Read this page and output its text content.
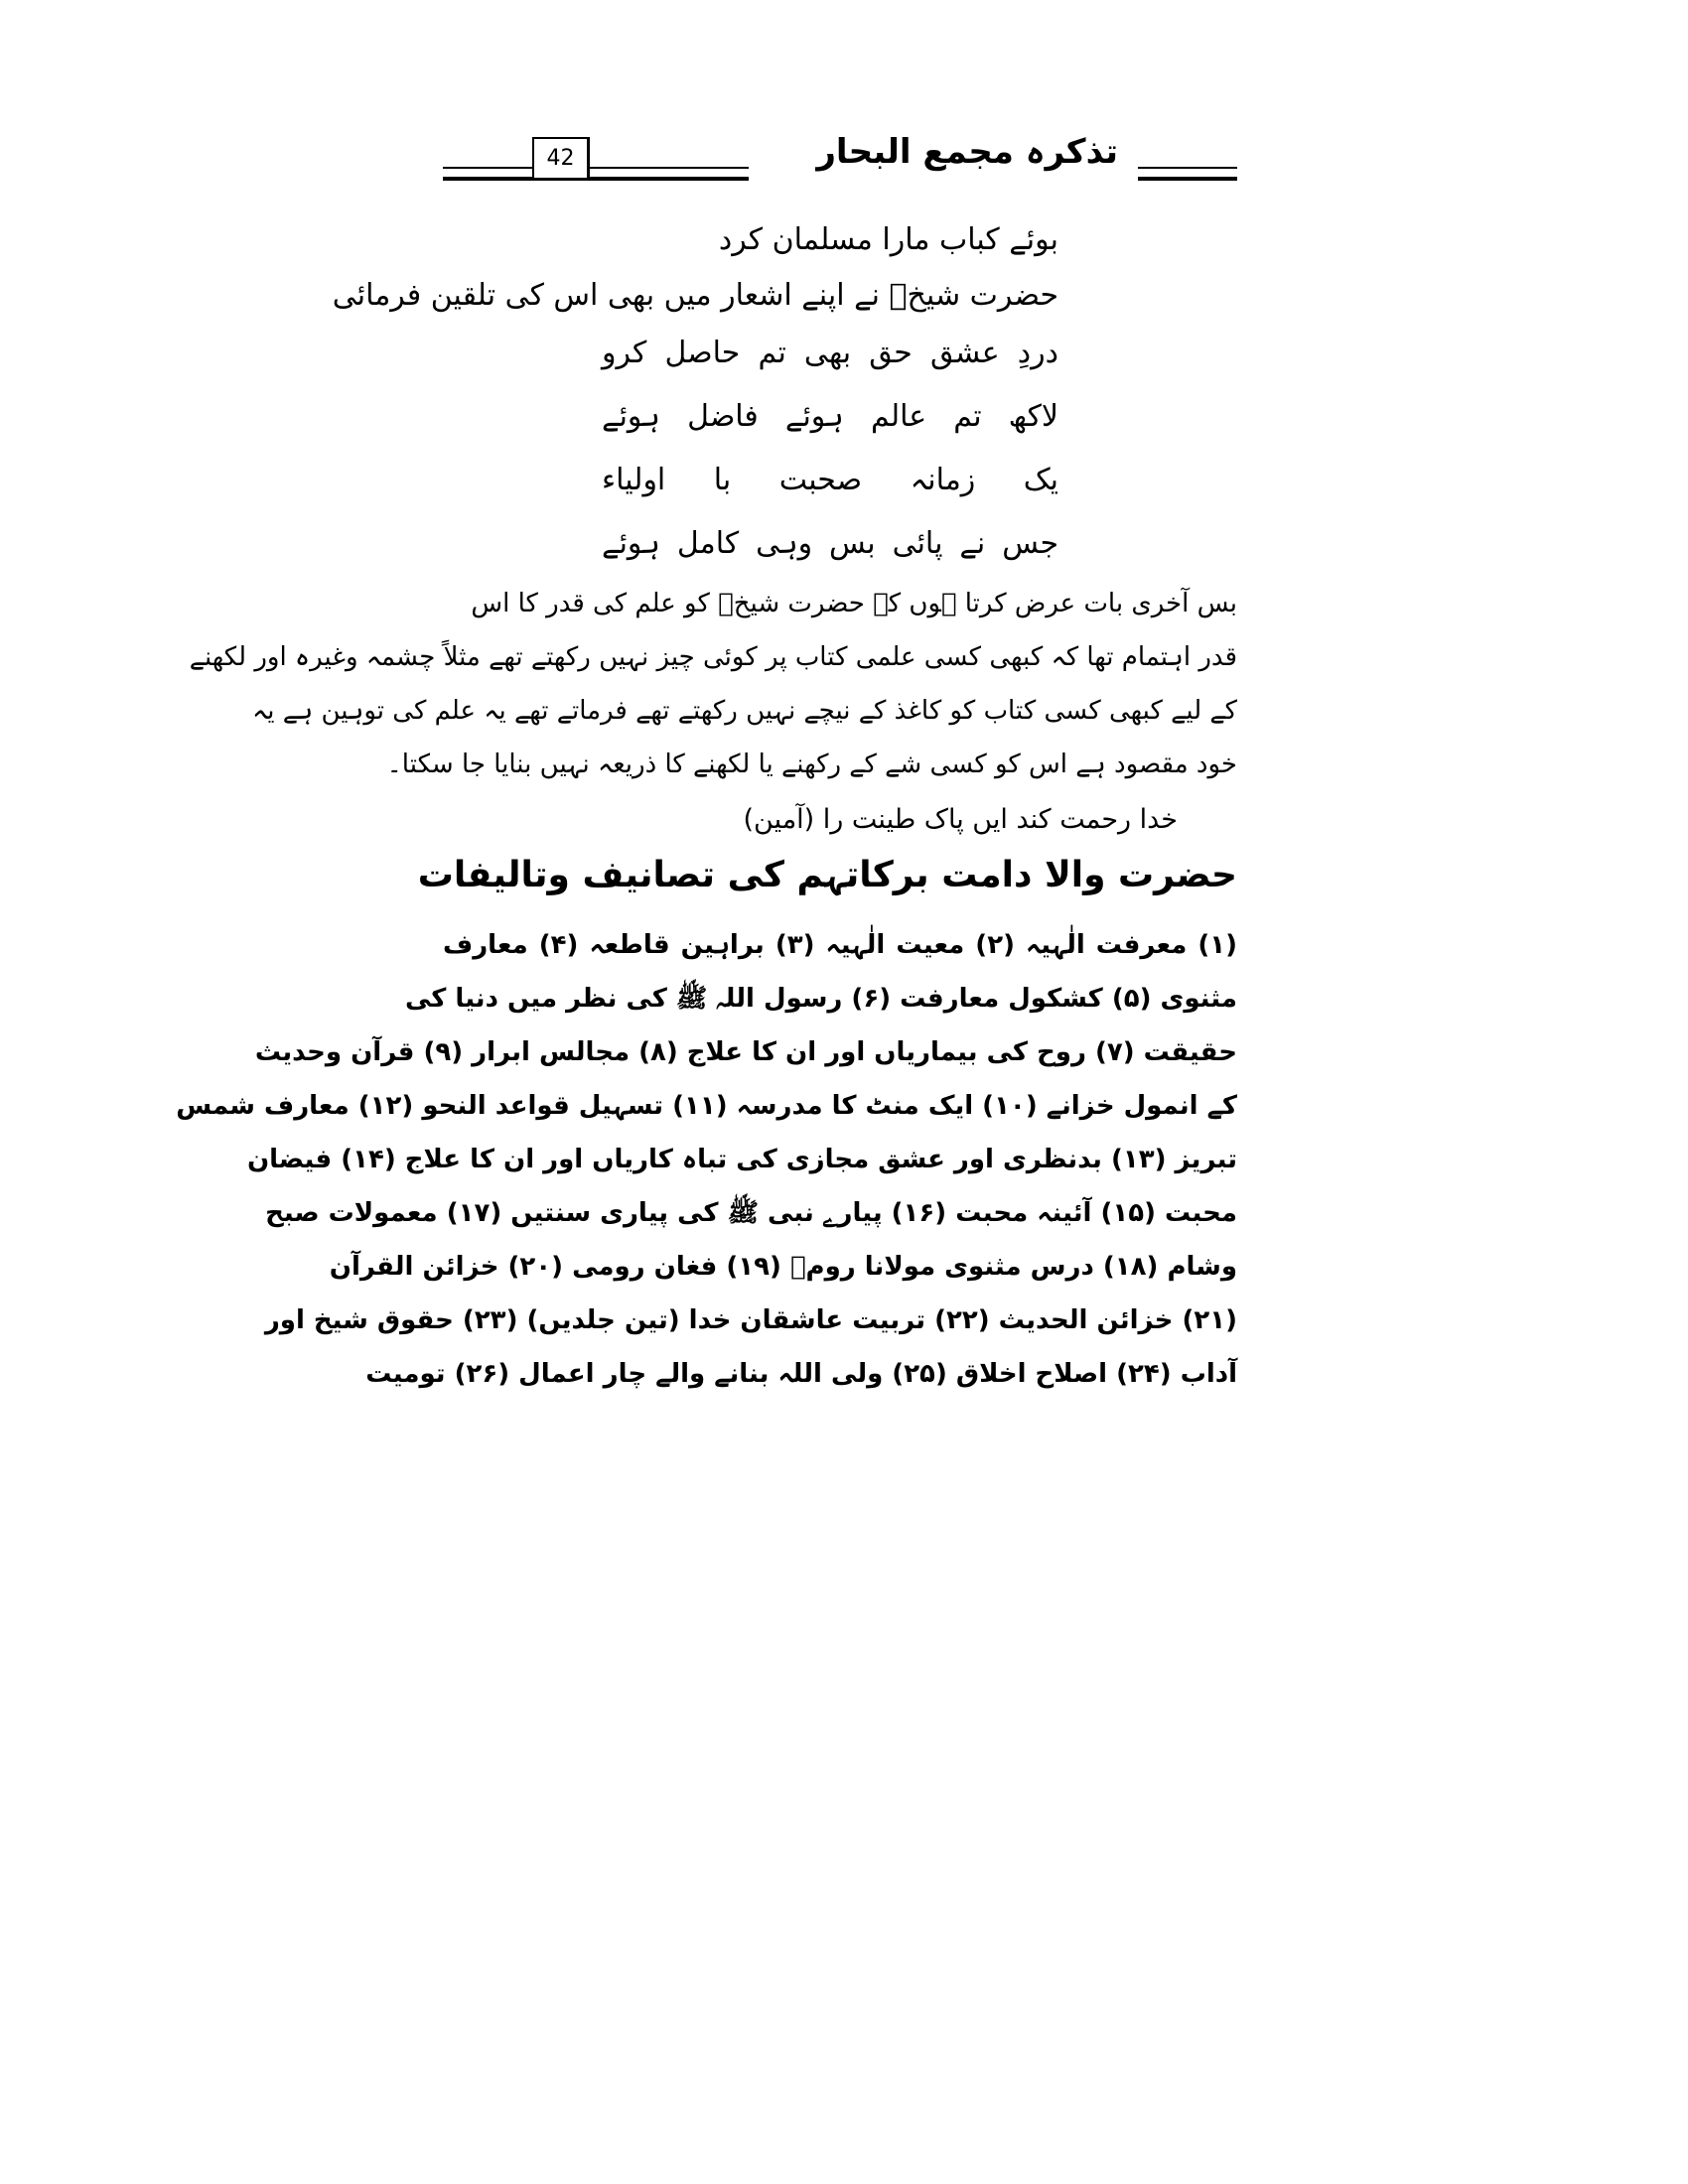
42	تذکرہ مجمع البحار
بوئے کباب مارا مسلمان کرد
حضرت شیخؒ نے اپنے اشعار میں بھی اس کی تلقین فرمائی
دردِ عشق حق بھی تم حاصل کرو
لاکھ تم عالم ہوئے فاضل ہوئے
یک زمانہ صحبت با اولیاء
جس نے پائی بس وہی کامل ہوئے
بس آخری بات عرض کرتا ہوں کہ حضرت شیخؒ کو علم کی قدر کا اس
قدر اہتمام تھا کہ کبھی کسی علمی کتاب پر کوئی چیز نہیں رکھتے تھے مثلاً چشمہ وغیرہ اور لکھنے
کے لیے کبھی کسی کتاب کو کاغذ کے نیچے نہیں رکھتے تھے فرماتے تھے یہ علم کی توہین ہے یہ
خود مقصود ہے اس کو کسی شے کے رکھنے یا لکھنے کا ذریعہ نہیں بنایا جا سکتا۔
خدا رحمت کند ایں پاک طینت را (آمین)
حضرت والا دامت برکاتہم کی تصانیف وتالیفات
(۱) معرفت الٰہیہ (۲) معیت الٰہیہ (۳) براہین قاطعہ (۴) معارف
مثنوی (۵) کشکول معارفت (۶) رسول اللہ ﷺ کی نظر میں دنیا کی
حقیقت (۷) روح کی بیماریاں اور ان کا علاج (۸) مجالس ابرار (۹) قرآن وحدیث
کے انمول خزانے (۱۰) ایک منٹ کا مدرسہ (۱۱) تسہیل قواعد النحو (۱۲) معارف شمس
تبریز (۱۳) بدنظری اور عشق مجازی کی تباہ کاریاں اور ان کا علاج (۱۴) فیضان
محبت (۱۵) آئینہ محبت (۱۶) پیارے نبی ﷺ کی پیاری سنتیں (۱۷) معمولات صبح
وشام (۱۸) درس مثنوی مولانا رومؒ (۱۹) فغان رومی (۲۰) خزائن القرآن
(۲۱) خزائن الحدیث (۲۲) تربیت عاشقان خدا (تین جلدیں) (۲۳) حقوق شیخ اور
آداب (۲۴) اصلاح اخلاق (۲۵) ولی اللہ بنانے والے چار اعمال (۲۶) تومیت
